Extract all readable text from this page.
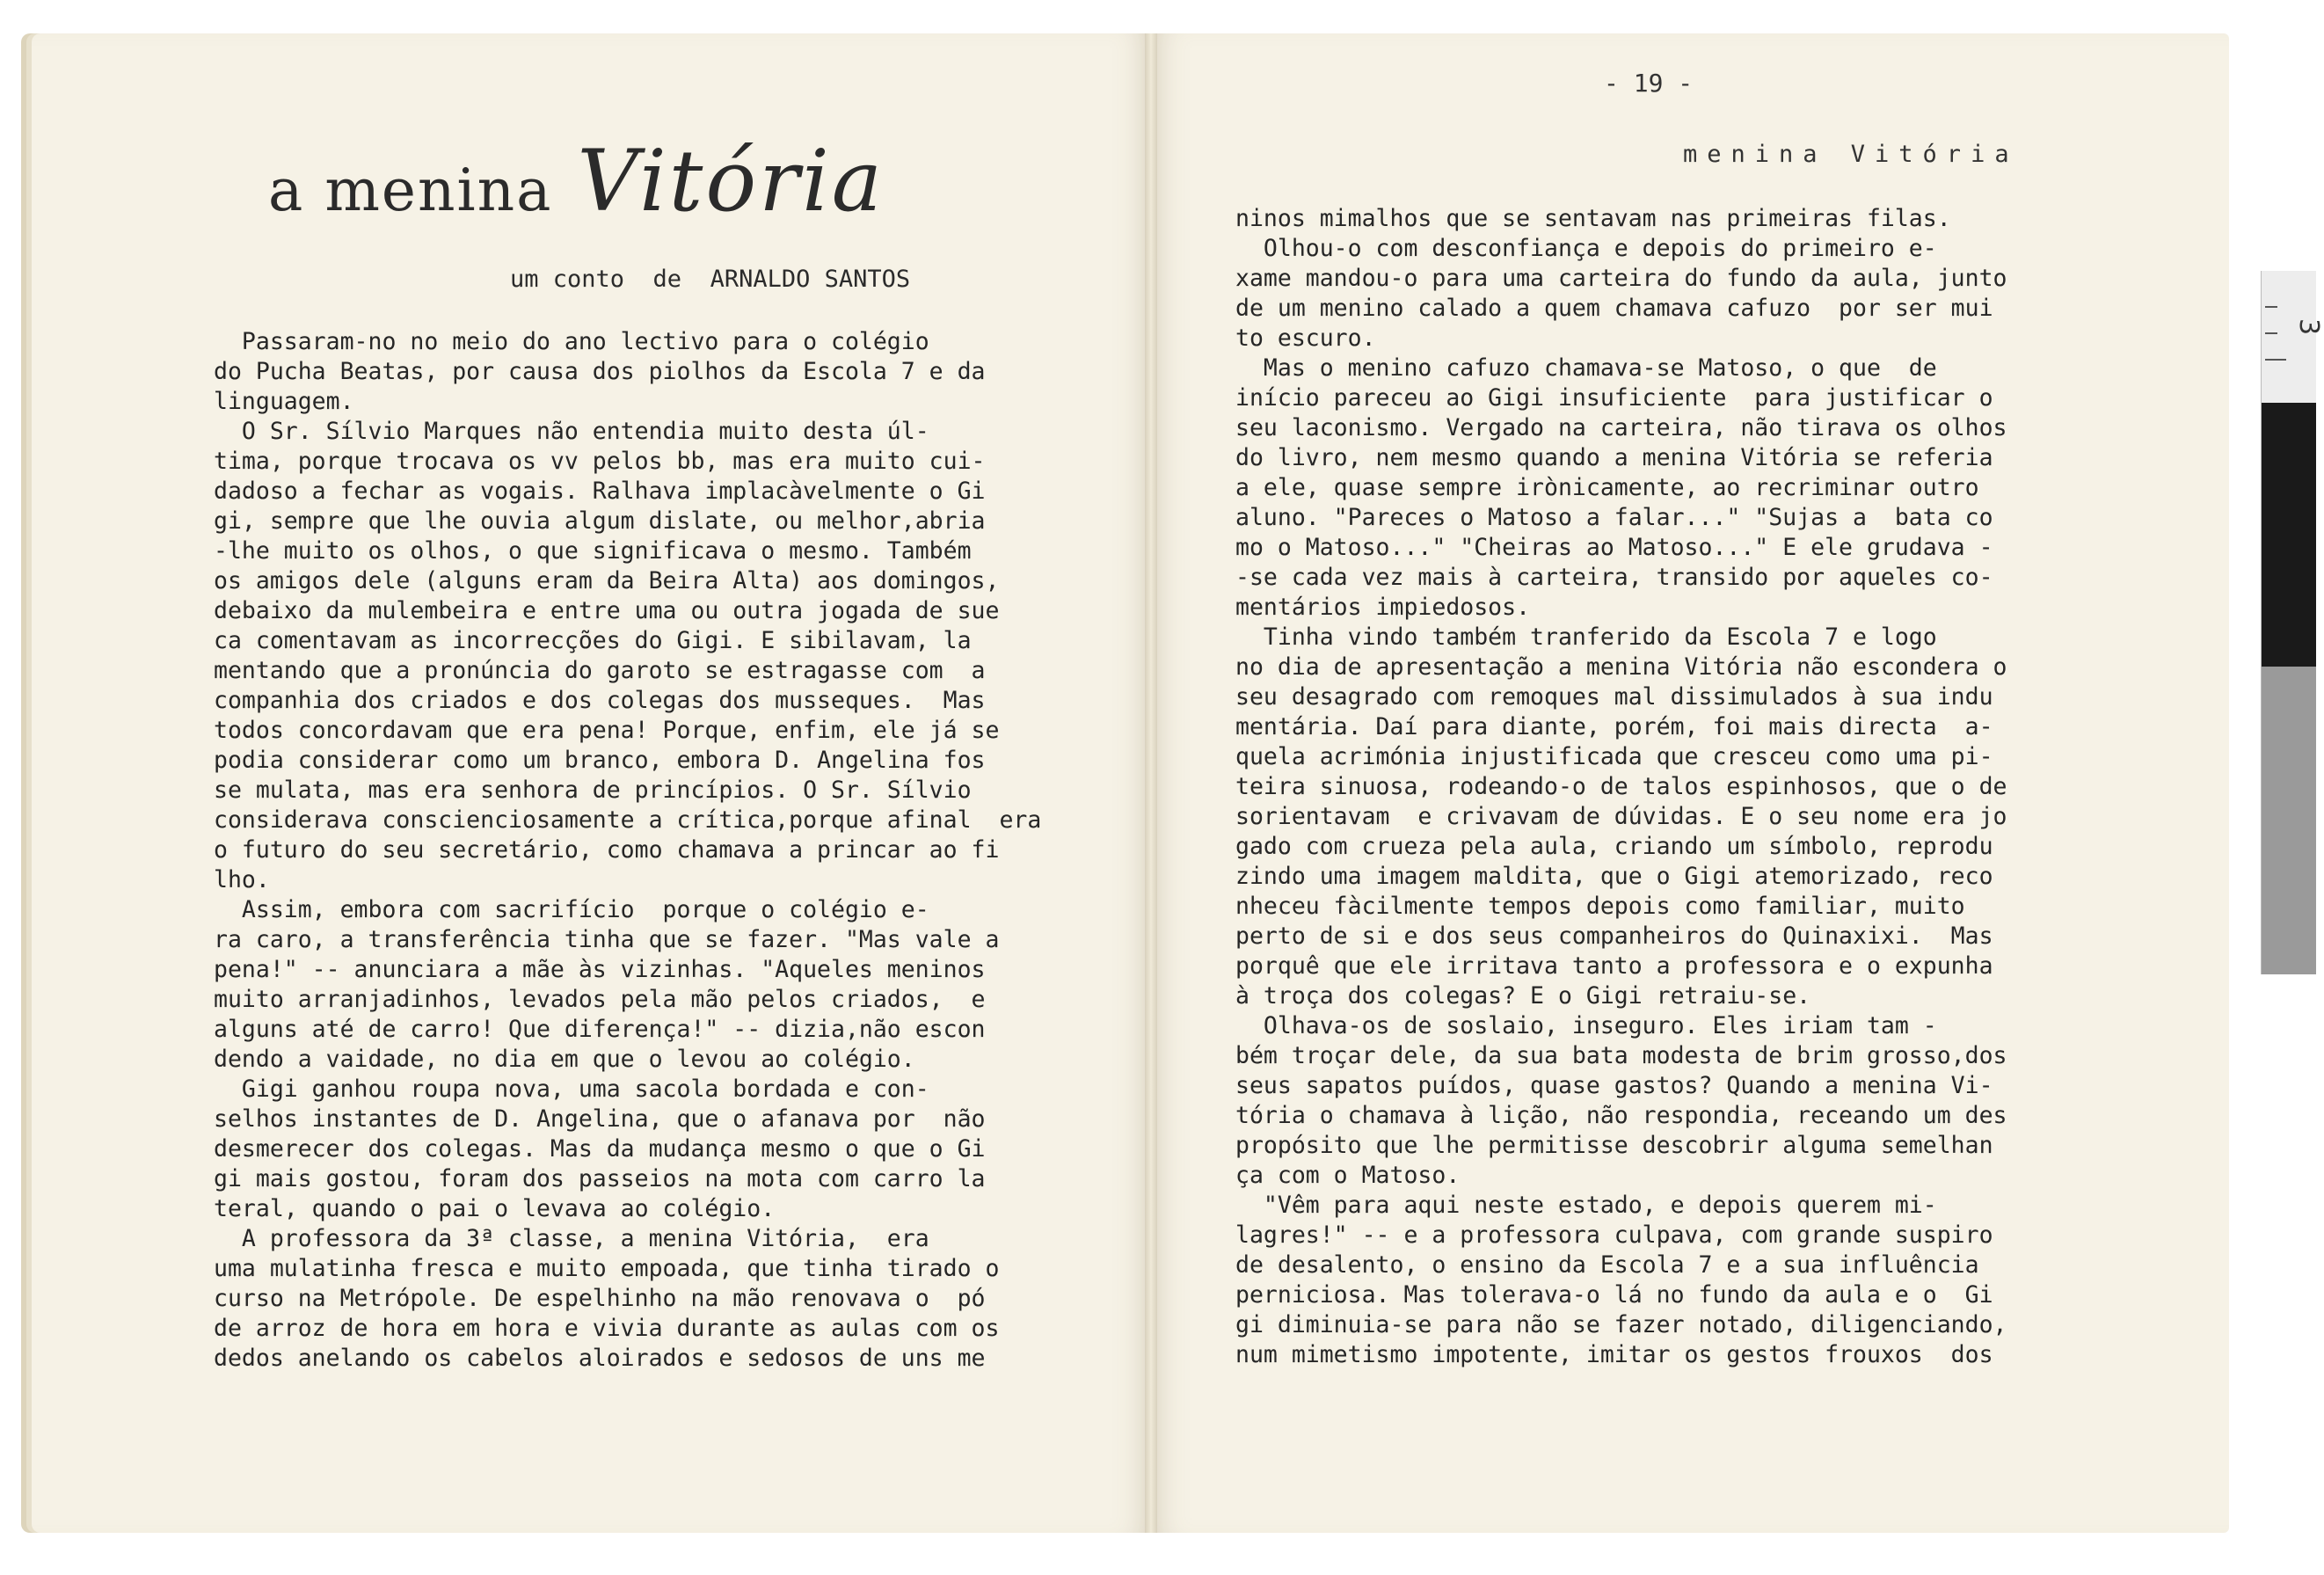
a menina Vitória
um conto  de  ARNALDO SANTOS
- 19 -
menina Vitória
Passaram-no no meio do ano lectivo para o colégio
do Pucha Beatas, por causa dos piolhos da Escola 7 e da
linguagem.
O Sr. Sílvio Marques não entendia muito desta úl-
tima, porque trocava os vv pelos bb, mas era muito cui-
dadoso a fechar as vogais. Ralhava implacàvelmente o Gi
gi, sempre que lhe ouvia algum dislate, ou melhor,abria
-lhe muito os olhos, o que significava o mesmo. Também
os amigos dele (alguns eram da Beira Alta) aos domingos,
debaixo da mulembeira e entre uma ou outra jogada de sue
ca comentavam as incorrecções do Gigi. E sibilavam, la
mentando que a pronúncia do garoto se estragasse com  a
companhia dos criados e dos colegas dos musseques.  Mas
todos concordavam que era pena! Porque, enfim, ele já se
podia considerar como um branco, embora D. Angelina fos
se mulata, mas era senhora de princípios. O Sr. Sílvio
considerava conscienciosamente a crítica,porque afinal  era
o futuro do seu secretário, como chamava a princar ao fi
lho.
Assim, embora com sacrifício  porque o colégio e-
ra caro, a transferência tinha que se fazer. "Mas vale a
pena!" -- anunciara a mãe às vizinhas. "Aqueles meninos
muito arranjadinhos, levados pela mão pelos criados,  e
alguns até de carro! Que diferença!" -- dizia,não escon
dendo a vaidade, no dia em que o levou ao colégio.
Gigi ganhou roupa nova, uma sacola bordada e con-
selhos instantes de D. Angelina, que o afanava por  não
desmerecer dos colegas. Mas da mudança mesmo o que o Gi
gi mais gostou, foram dos passeios na mota com carro la
teral, quando o pai o levava ao colégio.
A professora da 3ª classe, a menina Vitória,  era
uma mulatinha fresca e muito empoada, que tinha tirado o
curso na Metrópole. De espelhinho na mão renovava o  pó
de arroz de hora em hora e vivia durante as aulas com os
dedos anelando os cabelos aloirados e sedosos de uns me
ninos mimalhos que se sentavam nas primeiras filas.
Olhou-o com desconfiança e depois do primeiro e-
xame mandou-o para uma carteira do fundo da aula, junto
de um menino calado a quem chamava cafuzo  por ser mui
to escuro.
Mas o menino cafuzo chamava-se Matoso, o que  de
início pareceu ao Gigi insuficiente  para justificar o
seu laconismo. Vergado na carteira, não tirava os olhos
do livro, nem mesmo quando a menina Vitória se referia
a ele, quase sempre irònicamente, ao recriminar outro
aluno. "Pareces o Matoso a falar..." "Sujas a  bata co
mo o Matoso..." "Cheiras ao Matoso..." E ele grudava -
-se cada vez mais à carteira, transido por aqueles co-
mentários impiedosos.
Tinha vindo também tranferido da Escola 7 e logo
no dia de apresentação a menina Vitória não escondera o
seu desagrado com remoques mal dissimulados à sua indu
mentária. Daí para diante, porém, foi mais directa  a-
quela acrimónia injustificada que cresceu como uma pi-
teira sinuosa, rodeando-o de talos espinhosos, que o de
sorientavam  e crivavam de dúvidas. E o seu nome era jo
gado com crueza pela aula, criando um símbolo, reprodu
zindo uma imagem maldita, que o Gigi atemorizado, reco
nheceu fàcilmente tempos depois como familiar, muito
perto de si e dos seus companheiros do Quinaxixi.  Mas
porquê que ele irritava tanto a professora e o expunha
à troça dos colegas? E o Gigi retraiu-se.
Olhava-os de soslaio, inseguro. Eles iriam tam -
bém troçar dele, da sua bata modesta de brim grosso,dos
seus sapatos puídos, quase gastos? Quando a menina Vi-
tória o chamava à lição, não respondia, receando um des
propósito que lhe permitisse descobrir alguma semelhan
ça com o Matoso.
"Vêm para aqui neste estado, e depois querem mi-
lagres!" -- e a professora culpava, com grande suspiro
de desalento, o ensino da Escola 7 e a sua influência
perniciosa. Mas tolerava-o lá no fundo da aula e o  Gi
gi diminuia-se para não se fazer notado, diligenciando,
num mimetismo impotente, imitar os gestos frouxos  dos
3
